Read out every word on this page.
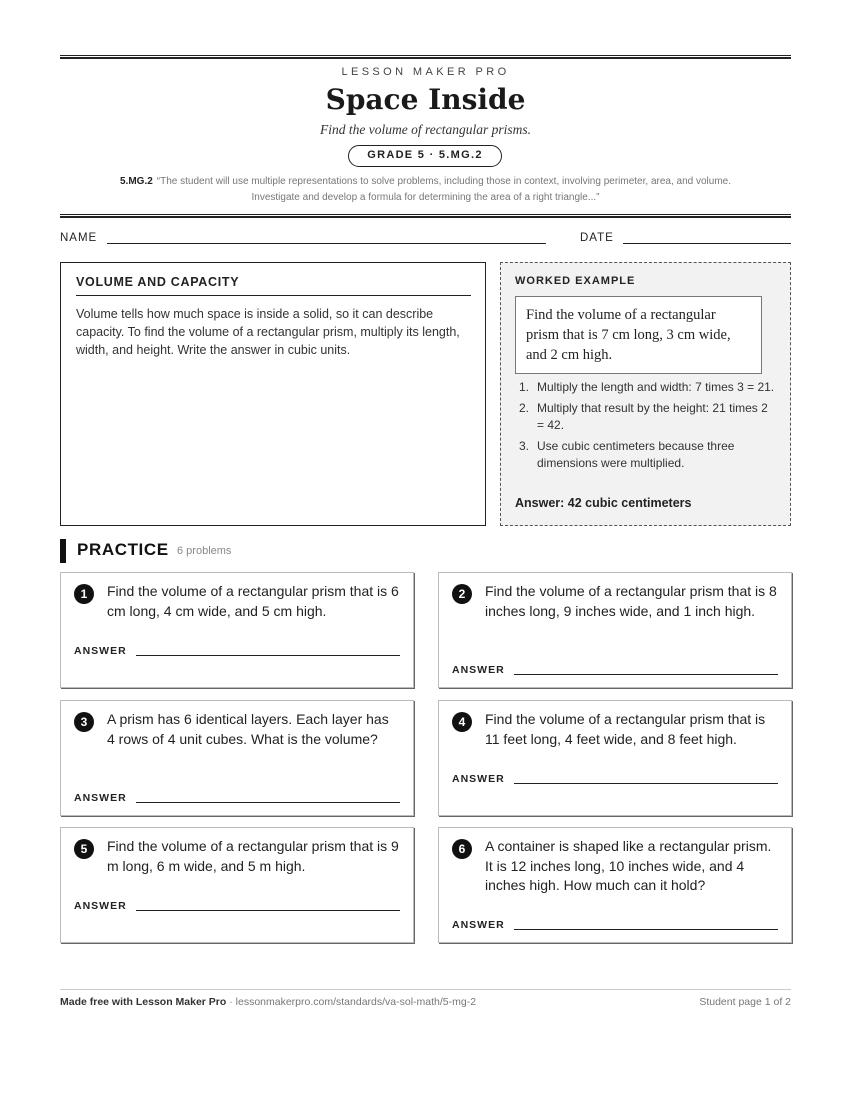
LESSON MAKER PRO
Space Inside
Find the volume of rectangular prisms.
GRADE 5 · 5.MG.2
5.MG.2 “The student will use multiple representations to solve problems, including those in context, involving perimeter, area, and volume.
Investigate and develop a formula for determining the area of a right triangle...”
NAME	DATE
VOLUME AND CAPACITY

Volume tells how much space is inside a solid, so it can describe capacity. To find the volume of a rectangular prism, multiply its length, width, and height. Write the answer in cubic units.

WORKED EXAMPLE
Find the volume of a rectangular prism that is 7 cm long, 3 cm wide, and 2 cm high.
1. Multiply the length and width: 7 times 3 = 21.
2. Multiply that result by the height: 21 times 2 = 42.
3. Use cubic centimeters because three dimensions were multiplied.
Answer: 42 cubic centimeters
PRACTICE 6 problems
1	Find the volume of a rectangular prism that is 6 cm long, 4 cm wide, and 5 cm high.

ANSWER
2	Find the volume of a rectangular prism that is 8 inches long, 9 inches wide, and 1 inch high.

ANSWER
3	A prism has 6 identical layers. Each layer has 4 rows of 4 unit cubes. What is the volume?

ANSWER
4	Find the volume of a rectangular prism that is 11 feet long, 4 feet wide, and 8 feet high.

ANSWER
5	Find the volume of a rectangular prism that is 9 m long, 6 m wide, and 5 m high.

ANSWER
6	A container is shaped like a rectangular prism. It is 12 inches long, 10 inches wide, and 4 inches high. How much can it hold?

ANSWER
Made free with Lesson Maker Pro · lessonmakerpro.com/standards/va-sol-math/5-mg-2	Student page 1 of 2
